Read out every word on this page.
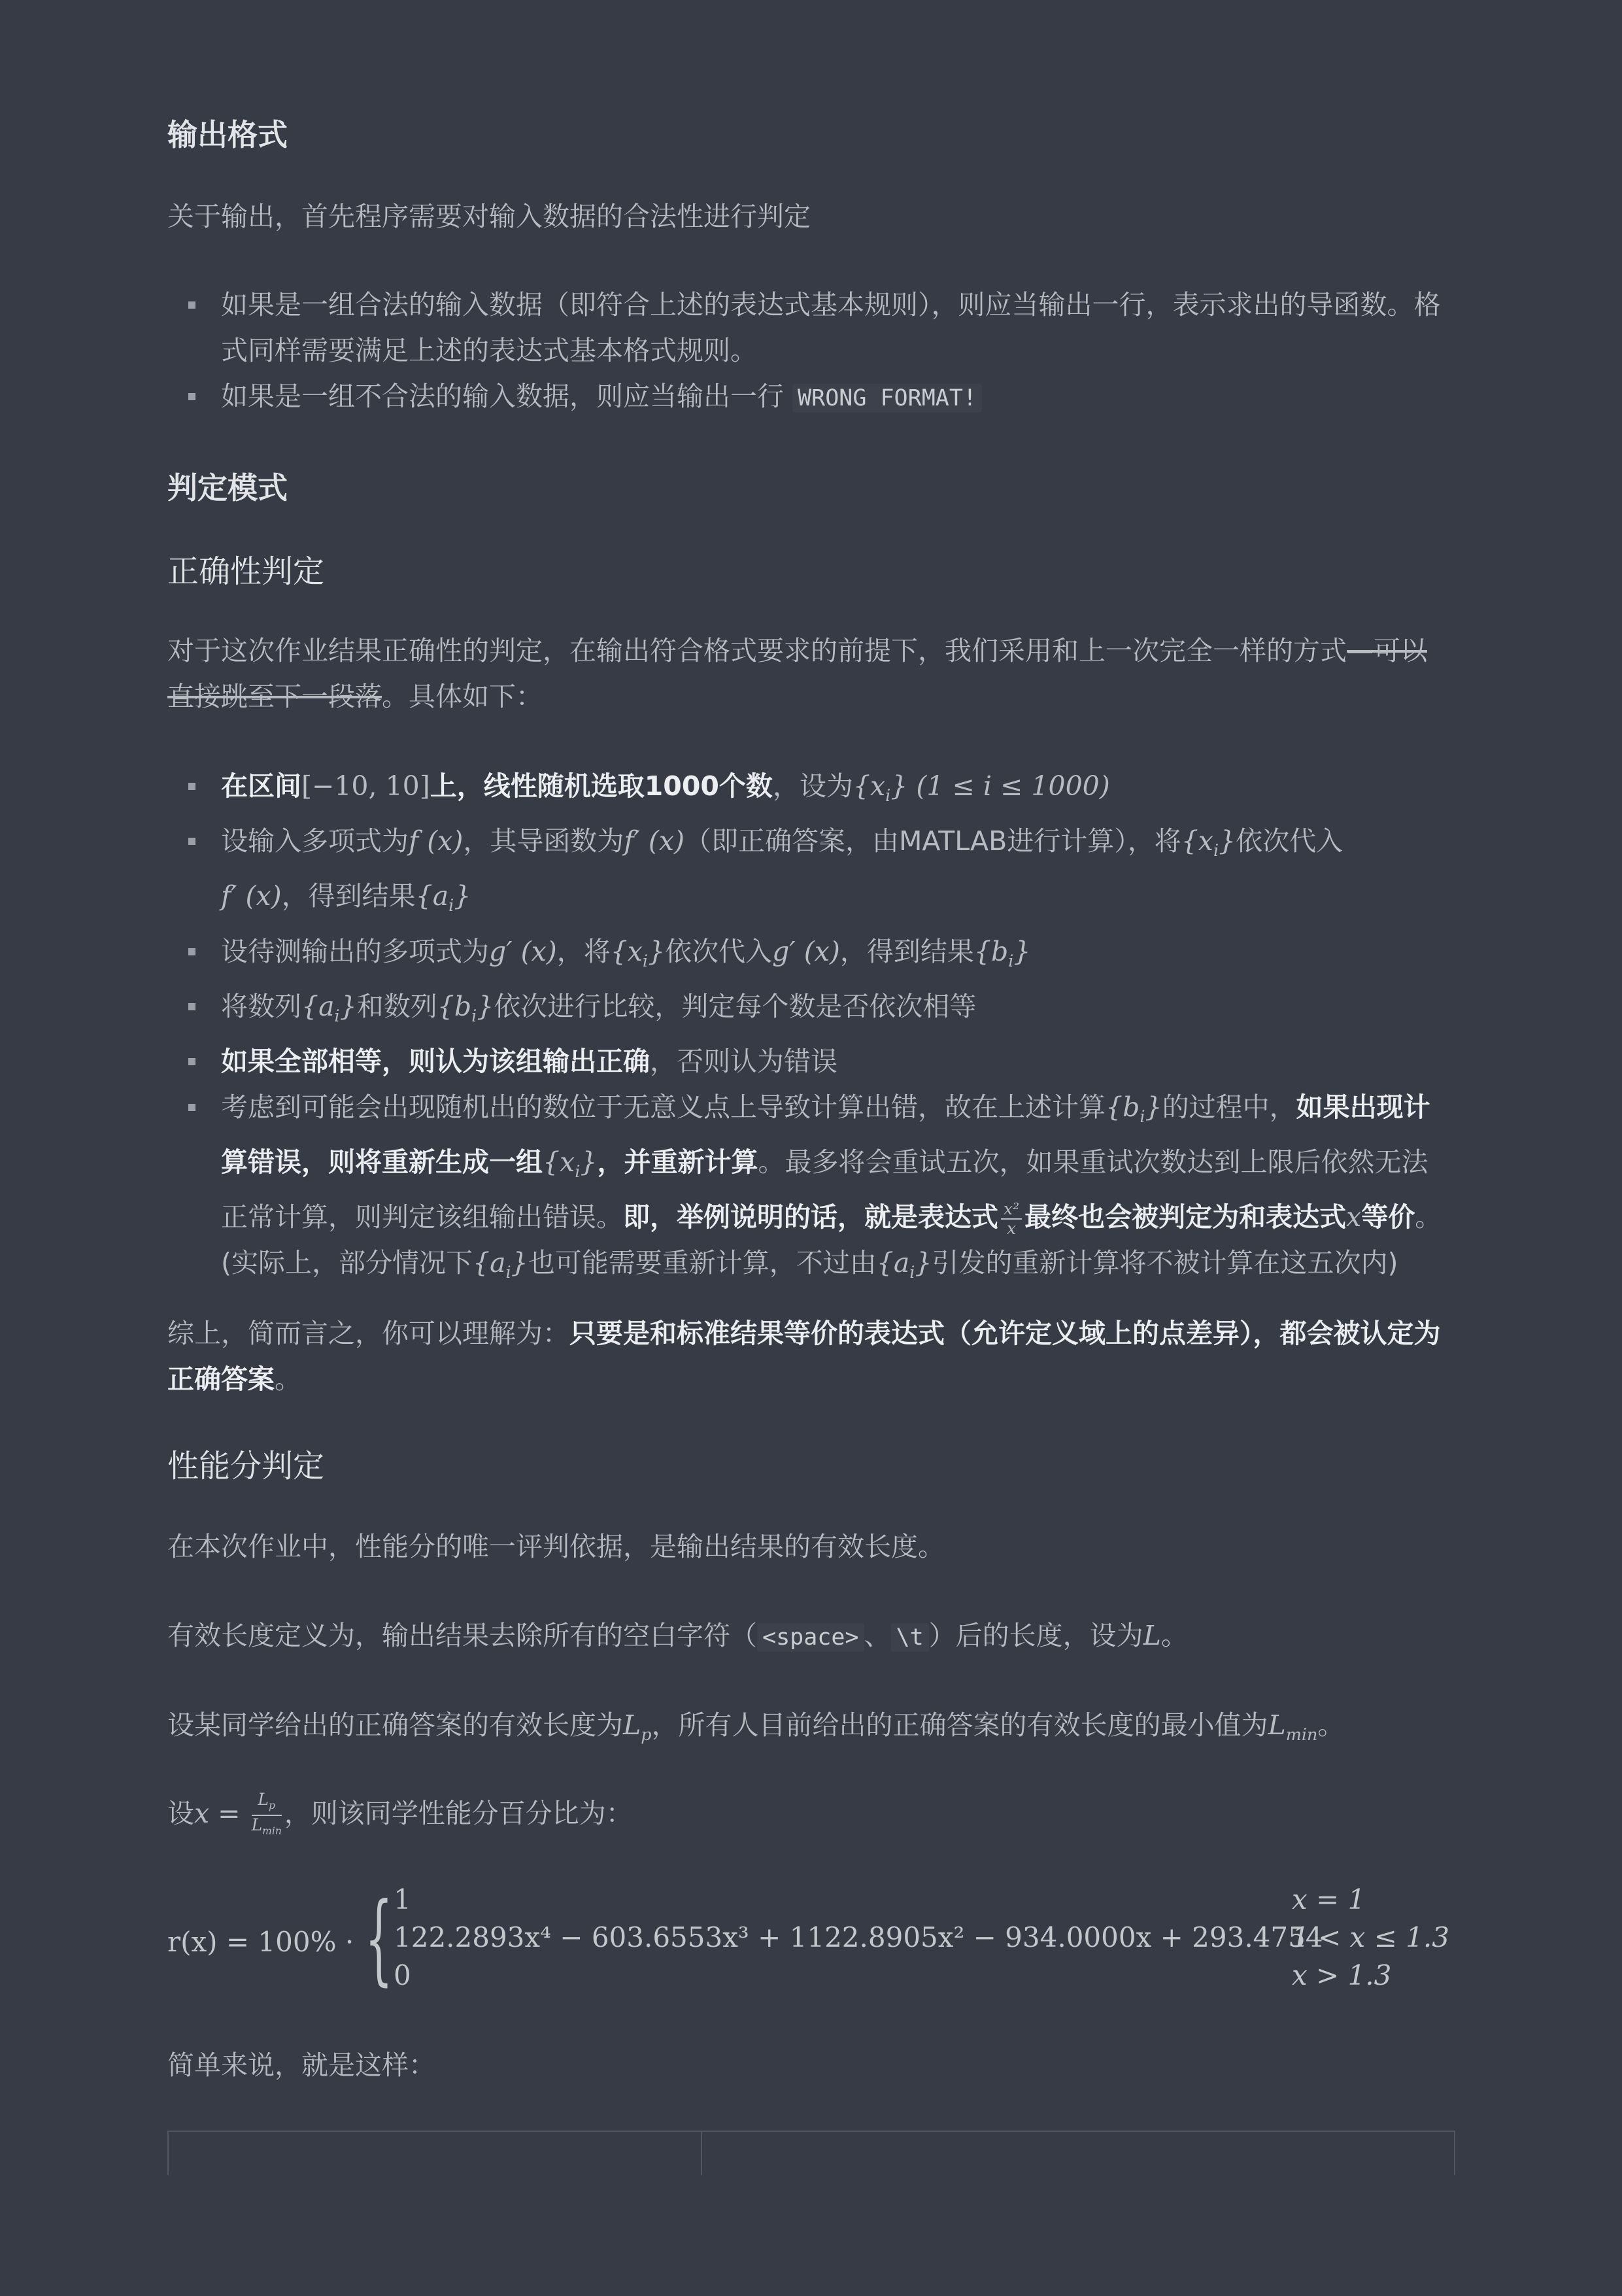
输出格式

关于输出，首先程序需要对输入数据的合法性进行判定

如果是一组合法的输入数据（即符合上述的表达式基本规则），则应当输出一行，表示求出的导函数。格式同样需要满足上述的表达式基本格式规则。
如果是一组不合法的输入数据，则应当输出一行 WRONG FORMAT!
判定模式
正确性判定

对于这次作业结果正确性的判定，在输出符合格式要求的前提下，我们采用和上一次完全一样的方式—可以直接跳至下一段落。具体如下：

在区间[−10, 10]上，线性随机选取1000个数，设为$\{x_i\} (1 \le i \le 1000)$
设输入多项式为f (x)，其导函数为f′ (x)（即正确答案，由MATLAB进行计算），将$\{x_i\}$依次代入
f′ (x)，得到结果$\{a_i\}$
设待测输出的多项式为g′ (x)，将$\{x_i\}$依次代入g′ (x)，得到结果$\{b_i\}$
将数列$\{a_i\}$和数列$\{b_i\}$依次进行比较，判定每个数是否依次相等
如果全部相等，则认为该组输出正确，否则认为错误
考虑到可能会出现随机出的数位于无意义点上导致计算出错，故在上述计算$\{b_i\}$的过程中，如果出现计算错误，则将重新生成一组$\{x_i\}$，并重新计算。最多将会重试五次，如果重试次数达到上限后依然无法正常计算，则判定该组输出错误。即，举例说明的话，就是表达式 $\frac{\text{x²}}{x}$ 最终也会被判定为和表达式x等价。(实际上，部分情况下$\{a_i\}$也可能需要重新计算，不过由$\{a_i\}$引发的重新计算将不被计算在这五次内)

综上，简而言之，你可以理解为：只要是和标准结果等价的表达式（允许定义域上的点差异），都会被认定为正确答案。

性能分判定

在本次作业中，性能分的唯一评判依据，是输出结果的有效长度。

有效长度定义为，输出结果去除所有的空白字符（ <space> 、 \t ）后的长度，设为L。

设某同学给出的正确答案的有效长度为$L_p$，所有人目前给出的正确答案的有效长度的最小值为$L_{min}$。

设$x = \frac{L_p}{L_{min}}$ ，则该同学性能分百分比为：

r(x) = 100% · { 1	x = 1
122.2893x⁴ − 603.6553x³ + 1122.8905x² − 934.0000x + 293.4754
1 < x ≤ 1.3
0	x > 1.3

简单来说，就是这样：
